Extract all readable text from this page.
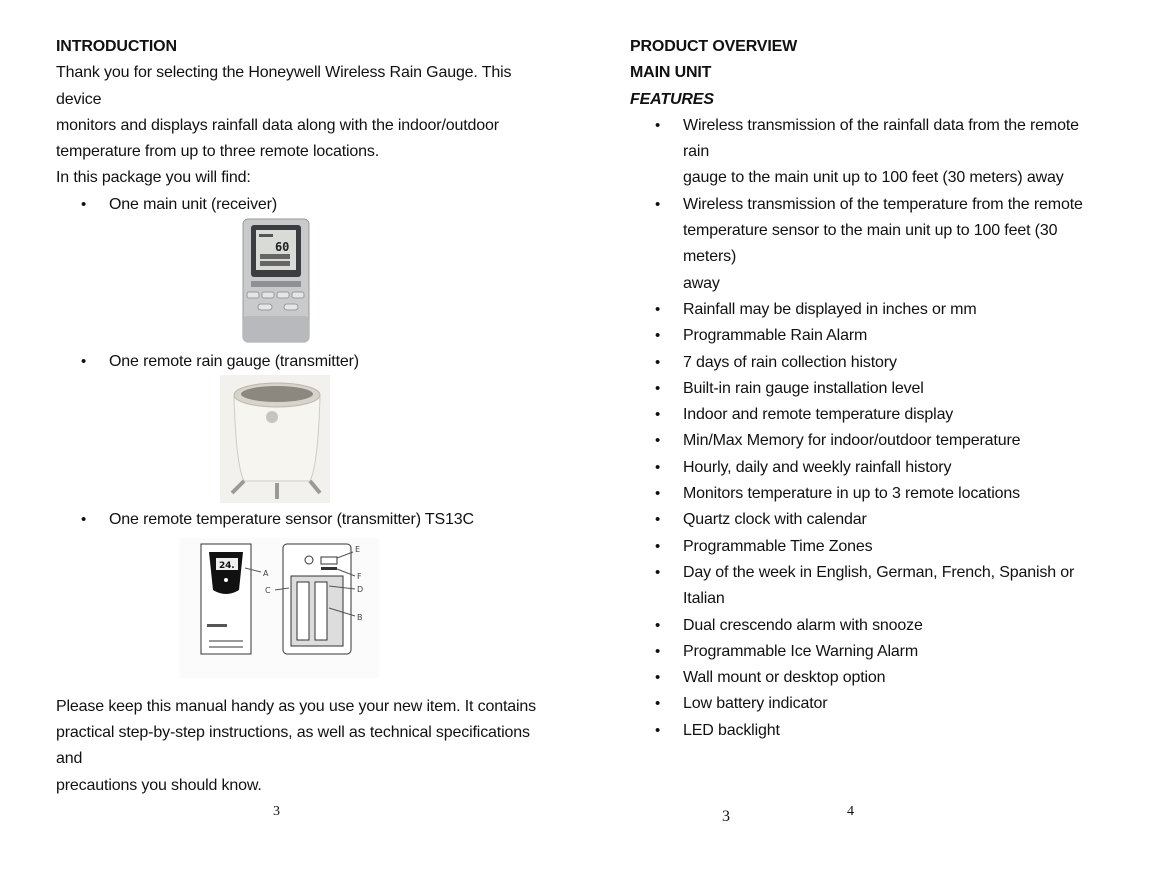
INTRODUCTION

Thank you for selecting the Honeywell Wireless Rain Gauge. This device

monitors and displays rainfall data along with the indoor/outdoor

temperature from up to three remote locations.

In this package you will find:

• One main unit (receiver)
60
• One remote rain gauge (transmitter)
• One remote temperature sensor (transmitter) TS13C
24.
A
C
E
F
D
B

Please keep this manual handy as you use your new item. It contains

practical step-by-step instructions, as well as technical specifications and

precautions you should know.

3

PRODUCT OVERVIEW

MAIN UNIT

FEATURES

• Wireless transmission of the rainfall data from the remote rain
gauge to the main unit up to 100 feet (30 meters) away
• Wireless transmission of the temperature from the remote
temperature sensor to the main unit up to 100 feet (30 meters)
away
• Rainfall may be displayed in inches or mm
• Programmable Rain Alarm
• 7 days of rain collection history
• Built-in rain gauge installation level
• Indoor and remote temperature display
• Min/Max Memory for indoor/outdoor temperature
• Hourly, daily and weekly rainfall history
• Monitors temperature in up to 3 remote locations
• Quartz clock with calendar
• Programmable Time Zones
• Day of the week in English, German, French, Spanish or Italian
• Dual crescendo alarm with snooze
• Programmable Ice Warning Alarm
• Wall mount or desktop option
• Low battery indicator
• LED backlight
3	4
